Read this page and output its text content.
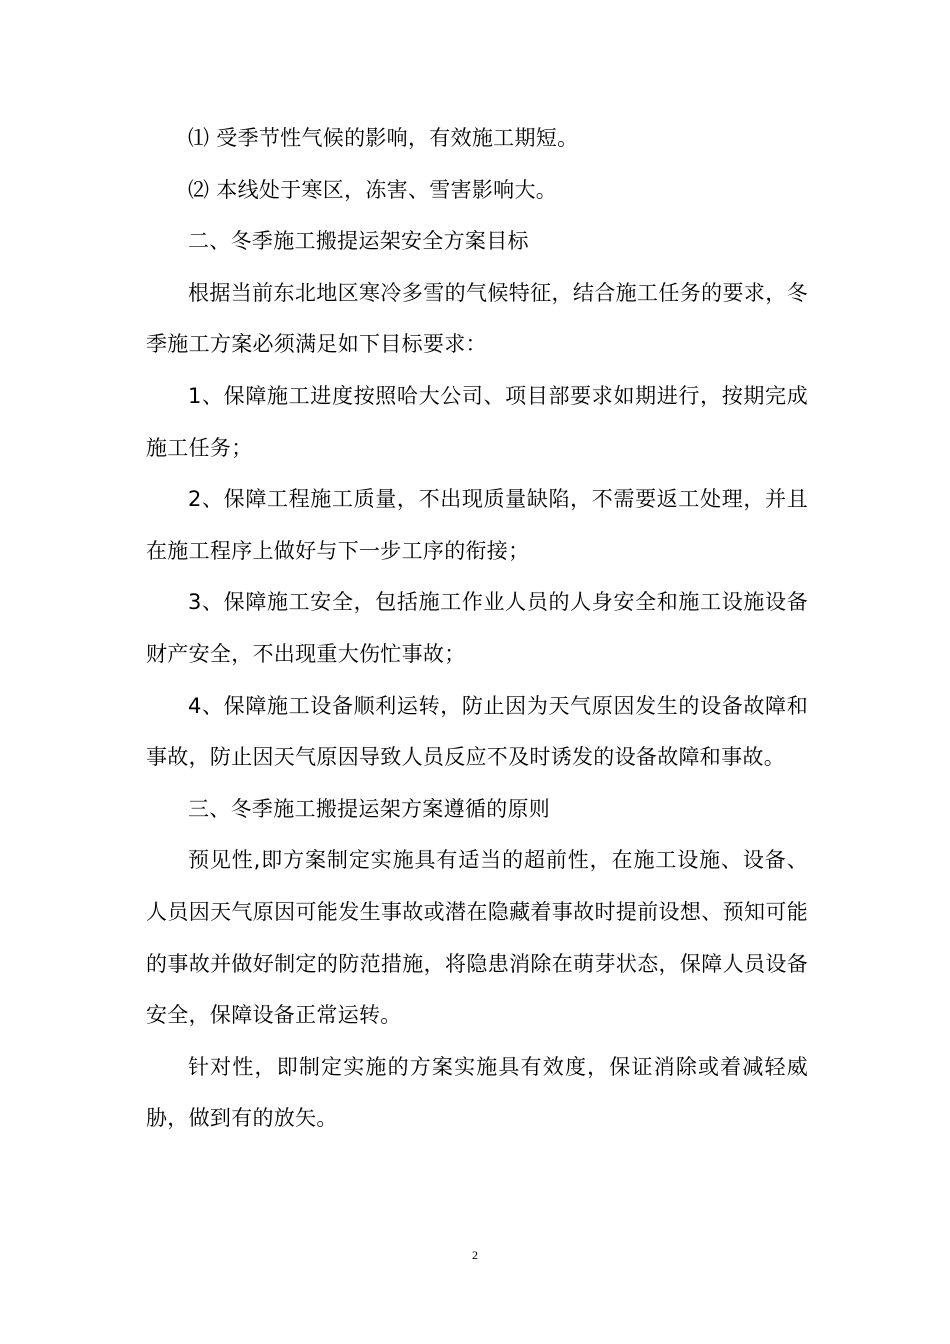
⑴ 受季节性气候的影响，有效施工期短。

⑵ 本线处于寒区，冻害、雪害影响大。

二、冬季施工搬提运架安全方案目标

根据当前东北地区寒冷多雪的气候特征，结合施工任务的要求，冬季施工方案必须满足如下目标要求：

1、保障施工进度按照哈大公司、项目部要求如期进行，按期完成施工任务；

2、保障工程施工质量，不出现质量缺陷，不需要返工处理，并且在施工程序上做好与下一步工序的衔接；

3、保障施工安全，包括施工作业人员的人身安全和施工设施设备财产安全，不出现重大伤忙事故；

4、保障施工设备顺利运转，防止因为天气原因发生的设备故障和事故，防止因天气原因导致人员反应不及时诱发的设备故障和事故。

三、冬季施工搬提运架方案遵循的原则

预见性,即方案制定实施具有适当的超前性，在施工设施、设备、人员因天气原因可能发生事故或潜在隐藏着事故时提前设想、预知可能的事故并做好制定的防范措施，将隐患消除在萌芽状态，保障人员设备安全，保障设备正常运转。

针对性，即制定实施的方案实施具有效度，保证消除或着减轻威胁，做到有的放矢。

2
